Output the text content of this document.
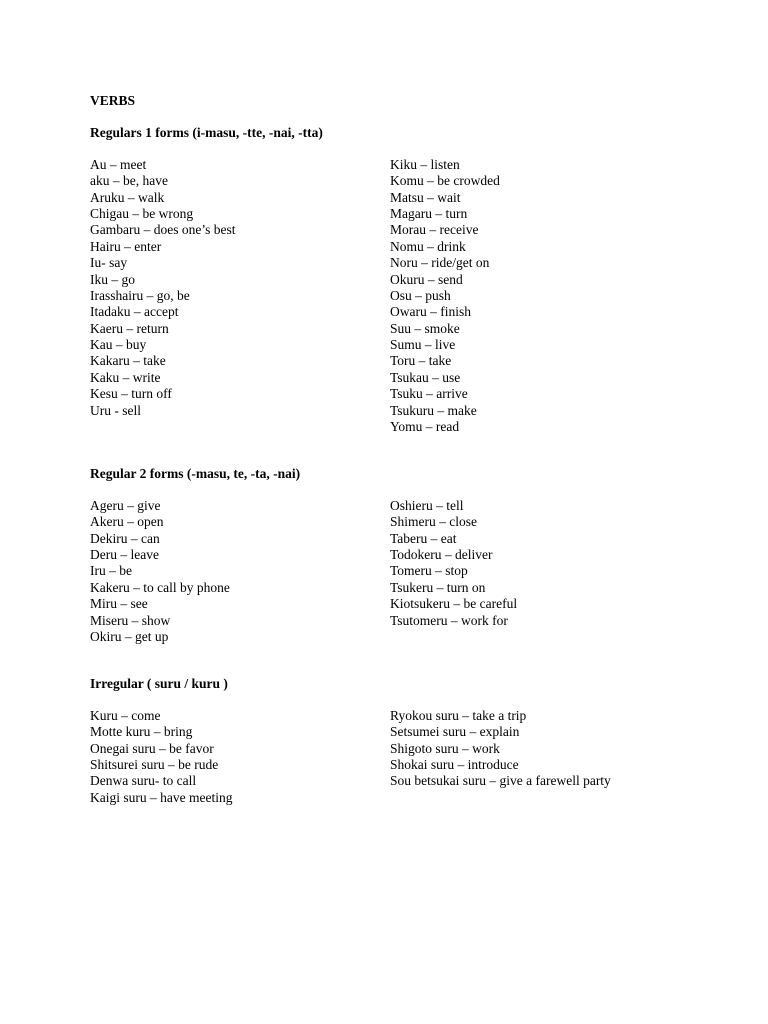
VERBS
Regulars 1 forms (i-masu, -tte, -nai, -tta)
Au – meet
aku – be, have
Aruku – walk
Chigau – be wrong
Gambaru – does one’s best
Hairu – enter
Iu- say
Iku – go
Irasshairu – go, be
Itadaku – accept
Kaeru – return
Kau – buy
Kakaru – take
Kaku – write
Kesu – turn off
Uru - sell
Kiku – listen
Komu – be crowded
Matsu – wait
Magaru – turn
Morau – receive
Nomu – drink
Noru – ride/get on
Okuru – send
Osu – push
Owaru – finish
Suu – smoke
Sumu – live
Toru – take
Tsukau – use
Tsuku – arrive
Tsukuru – make
Yomu – read
Regular 2 forms (-masu, te, -ta, -nai)
Ageru – give
Akeru – open
Dekiru – can
Deru – leave
Iru – be
Kakeru – to call by phone
Miru – see
Miseru – show
Okiru – get up
Oshieru – tell
Shimeru – close
Taberu – eat
Todokeru – deliver
Tomeru – stop
Tsukeru – turn on
Kiotsukeru – be careful
Tsutomeru – work for
Irregular ( suru / kuru )
Kuru – come
Motte kuru – bring
Onegai suru – be favor
Shitsurei suru – be rude
Denwa suru- to call
Kaigi suru – have meeting
Ryokou suru – take a trip
Setsumei suru – explain
Shigoto suru – work
Shokai suru – introduce
Sou betsukai suru – give a farewell party
